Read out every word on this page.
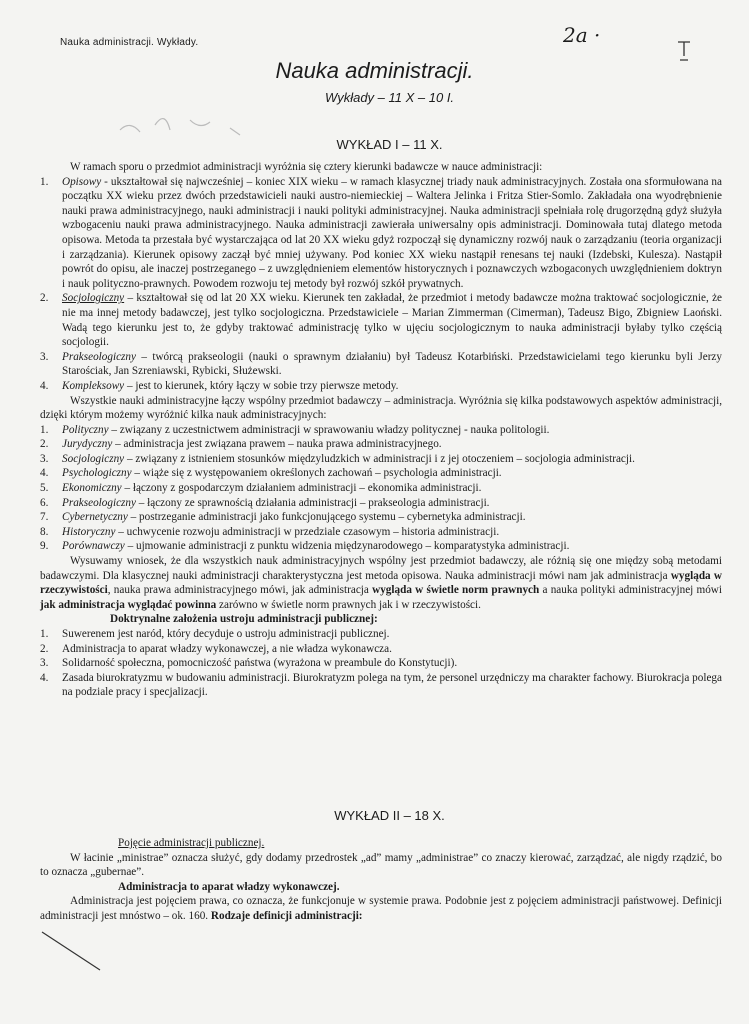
Nauka administracji. Wykłady.	2a ·
Nauka administracji.
Wykłady – 11 X – 10 I.
WYKŁAD I – 11 X.

W ramach sporu o przedmiot administracji wyróżnia się cztery kierunki badawcze w nauce administracji:

1. Opisowy - ukształtował się najwcześniej – koniec XIX wieku – w ramach klasycznej triady nauk administracyjnych. Została ona sformułowana na początku XX wieku przez dwóch przedstawicieli nauki austro-niemieckiej – Waltera Jelinka i Fritza Stier-Somlo. Zakładała ona wyodrębnienie nauki prawa administracyjnego, nauki administracji i nauki polityki administracyjnej. Nauka administracji spełniała rolę drugorzędną gdyż służyła wzbogaceniu nauki prawa administracyjnego. Nauka administracji zawierała uniwersalny opis administracji. Dominowała tutaj dlatego metoda opisowa. Metoda ta przestała być wystarczająca od lat 20 XX wieku gdyż rozpoczął się dynamiczny rozwój nauk o zarządzaniu (teoria organizacji i zarządzania). Kierunek opisowy zaczął być mniej używany. Pod koniec XX wieku nastąpił renesans tej nauki (Izdebski, Kulesza). Nastąpił powrót do opisu, ale inaczej postrzeganego – z uwzględnieniem elementów historycznych i poznawczych wzbogaconych uwzględnieniem doktryn i nauk polityczno-prawnych. Powodem rozwoju tej metody był rozwój szkół prywatnych.
2. Socjologiczny – kształtował się od lat 20 XX wieku. Kierunek ten zakładał, że przedmiot i metody badawcze można traktować socjologicznie, że nie ma innej metody badawczej, jest tylko socjologiczna. Przedstawiciele – Marian Zimmerman (Cimerman), Tadeusz Bigo, Zbigniew Laoński. Wadą tego kierunku jest to, że gdyby traktować administrację tylko w ujęciu socjologicznym to nauka administracji byłaby tylko częścią socjologii.
3. Prakseologiczny – twórcą prakseologii (nauki o sprawnym działaniu) był Tadeusz Kotarbiński. Przedstawicielami tego kierunku byli Jerzy Starościak, Jan Szreniawski, Rybicki, Służewski.
4. Kompleksowy – jest to kierunek, który łączy w sobie trzy pierwsze metody.

Wszystkie nauki administracyjne łączy wspólny przedmiot badawczy – administracja. Wyróżnia się kilka podstawowych aspektów administracji, dzięki którym możemy wyróżnić kilka nauk administracyjnych:

1. Polityczny – związany z uczestnictwem administracji w sprawowaniu władzy politycznej - nauka politologii.
2. Jurydyczny – administracja jest związana prawem – nauka prawa administracyjnego.
3. Socjologiczny – związany z istnieniem stosunków międzyludzkich w administracji i z jej otoczeniem – socjologia administracji.
4. Psychologiczny – wiąże się z występowaniem określonych zachowań – psychologia administracji.
5. Ekonomiczny – łączony z gospodarczym działaniem administracji – ekonomika administracji.
6. Prakseologiczny – łączony ze sprawnością działania administracji – prakseologia administracji.
7. Cybernetyczny – postrzeganie administracji jako funkcjonującego systemu – cybernetyka administracji.
8. Historyczny – uchwycenie rozwoju administracji w przedziale czasowym – historia administracji.
9. Porównawczy – ujmowanie administracji z punktu widzenia międzynarodowego – komparatystyka administracji.

Wysuwamy wniosek, że dla wszystkich nauk administracyjnych wspólny jest przedmiot badawczy, ale różnią się one między sobą metodami badawczymi. Dla klasycznej nauki administracji charakterystyczna jest metoda opisowa. Nauka administracji mówi nam jak administracja wygląda w rzeczywistości, nauka prawa administracyjnego mówi, jak administracja wygląda w świetle norm prawnych a nauka polityki administracyjnej mówi jak administracja wyglądać powinna zarówno w świetle norm prawnych jak i w rzeczywistości.

Doktrynalne założenia ustroju administracji publicznej:

1. Suwerenem jest naród, który decyduje o ustroju administracji publicznej.
2. Administracja to aparat władzy wykonawczej, a nie władza wykonawcza.
3. Solidarność społeczna, pomocniczość państwa (wyrażona w preambule do Konstytucji).
4. Zasada biurokratyzmu w budowaniu administracji. Biurokratyzm polega na tym, że personel urzędniczy ma charakter fachowy. Biurokracja polega na podziale pracy i specjalizacji.
WYKŁAD II – 18 X.

Pojęcie administracji publicznej.

W łacinie „ministrae” oznacza służyć, gdy dodamy przedrostek „ad” mamy „administrae” co znaczy kierować, zarządzać, ale nigdy rządzić, bo to oznacza „gubernae”.

Administracja to aparat władzy wykonawczej.

Administracja jest pojęciem prawa, co oznacza, że funkcjonuje w systemie prawa. Podobnie jest z pojęciem administracji państwowej. Definicji administracji jest mnóstwo – ok. 160. Rodzaje definicji administracji:
